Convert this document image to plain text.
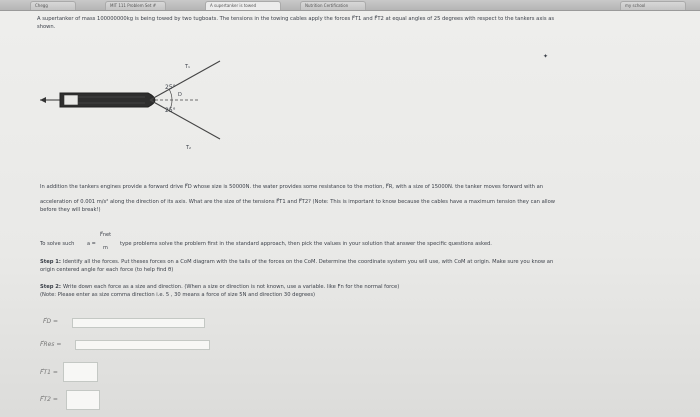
Chegg	MIT 111 Problem Set #	A supertanker is towed	Nutrition Certification	my school
A supertanker of mass 100000000kg is being towed by two tugboats. The tensions in the towing cables apply the forces F⃗T1 and F⃗T2 at equal angles of 25 degrees with respect to the tankers axis as
shown.
25°
25°
D
T₁
T₂
✦
In addition the tankers engines provide a forward drive F⃗D whose size is 50000N. the water provides some resistance to the motion, F⃗R, with a size of 15000N. the tanker moves forward with an
acceleration of 0.001 m/s² along the direction of its axis. What are the size of the tensions F⃗T1 and F⃗T2? (Note: This is important to know because the cables have a maximum tension they can allow
before they will break!)
To solve such	a =
F⃗net
m
type problems solve the problem first in the standard approach, then pick the values in your solution that answer the specific questions asked.
Step 1: Identify all the forces. Put theses forces on a CoM diagram with the tails of the forces on the CoM. Determine the coordinate system you will use, with CoM at origin. Make sure you know an
origin centered angle for each force (to help find θ)
Step 2: Write down each force as a size and direction. (When a size or direction is not known, use a variable. like Fn for the normal force)
(Note: Please enter as size comma direction i.e. 5 , 30 means a force of size 5N and direction 30 degrees)
F⃗D =
F⃗Res =
F⃗T1 =
F⃗T2 =
